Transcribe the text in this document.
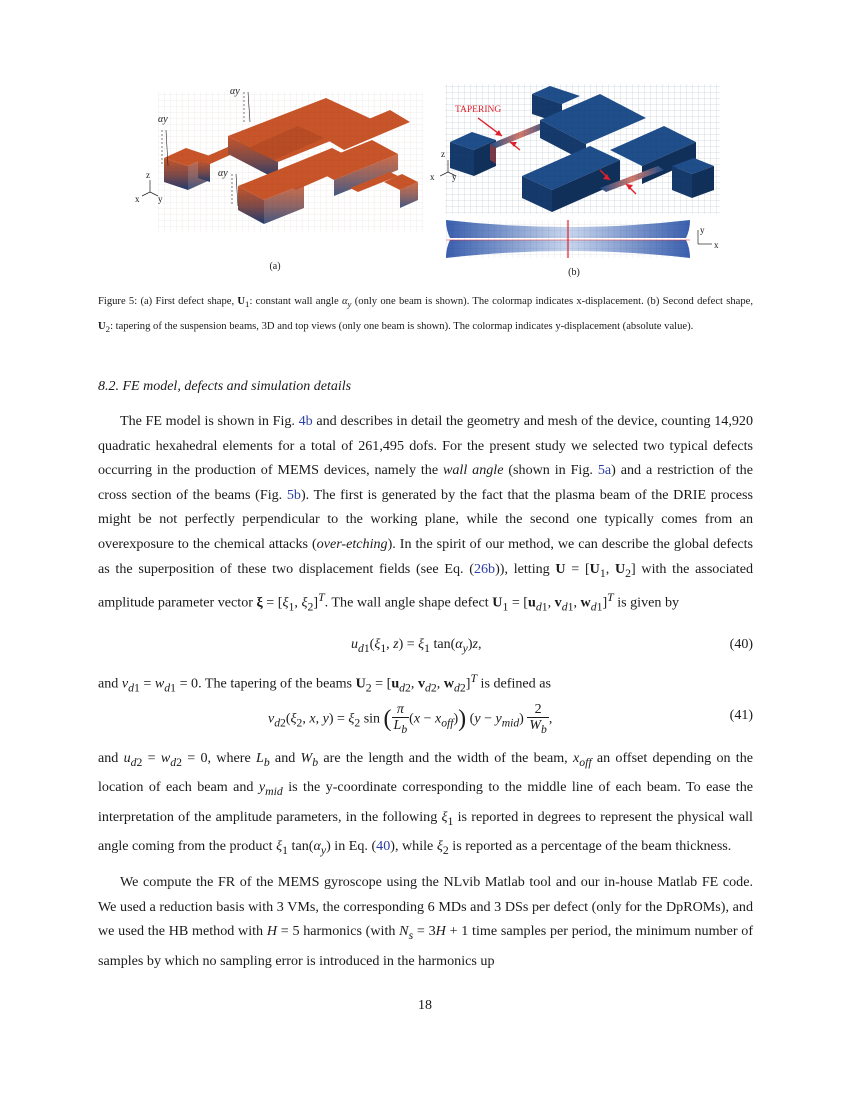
αy
αy
αy
z
x y
(a)
TAPERING
z
x y
y
x
(b)
Figure 5: (a) First defect shape, $U_1$: constant wall angle $\alpha_y$ (only one beam is shown). The colormap indicates x-displacement. (b) Second defect shape, $U_2$: tapering of the suspension beams, 3D and top views (only one beam is shown). The colormap indicates y-displacement (absolute value).
8.2. FE model, defects and simulation details
The FE model is shown in Fig. 4b and describes in detail the geometry and mesh of the device, counting 14,920 quadratic hexahedral elements for a total of 261,495 dofs. For the present study we selected two typical defects occurring in the production of MEMS devices, namely the wall angle (shown in Fig. 5a) and a restriction of the cross section of the beams (Fig. 5b). The first is generated by the fact that the plasma beam of the DRIE process might be not perfectly perpendicular to the working plane, while the second one typically comes from an overexposure to the chemical attacks (over-etching). In the spirit of our method, we can describe the global defects as the superposition of these two displacement fields (see Eq. (26b)), letting $U = [U_1$, $U_2$] with the associated amplitude parameter vector $\xi = [\xi_1$, $\xi_2]^T$. The wall angle shape defect $U_1 = [u_{d1}$, $v_{d1}$, $w_{d1}]^T$ is given by
$u_{d1}(\xi_1$, $z) = \xi_1$ $\tan(\alpha_y)z$,	(40)
and $v_{d1} = w_{d1} = 0$. The tapering of the beams $U_2 = [u_{d2}$, $v_{d2}$, $w_{d2}]^T$ is defined as
$v_{d2}(\xi_2$, x, $y) = \xi_2$ sin ( $\frac{\pi}{L_b} (x - x_{off})$) $(y - y_{mid}) \frac{2}{W_b}$ ,	(41)
and $u_{d2} = w_{d2} = 0$, where $L_b$ and $W_b$ are the length and the width of the beam, $x_{off}$ an offset depending on the location of each beam and $y_{mid}$ is the y-coordinate corresponding to the middle line of each beam. To ease the interpretation of the amplitude parameters, in the following $\xi_1$ is reported in degrees to represent the physical wall angle coming from the product $\xi_1$ $\tan(\alpha_y)$ in Eq. (40), while $\xi_2$ is reported as a percentage of the beam thickness.
We compute the FR of the MEMS gyroscope using the NLvib Matlab tool and our in-house Matlab FE code. We used a reduction basis with 3 VMs, the corresponding 6 MDs and 3 DSs per defect (only for the DpROMs), and we used the HB method with H = 5 harmonics (with $N_s = 3H + 1$ time samples per period, the minimum number of samples by which no sampling error is introduced in the harmonics up
18
